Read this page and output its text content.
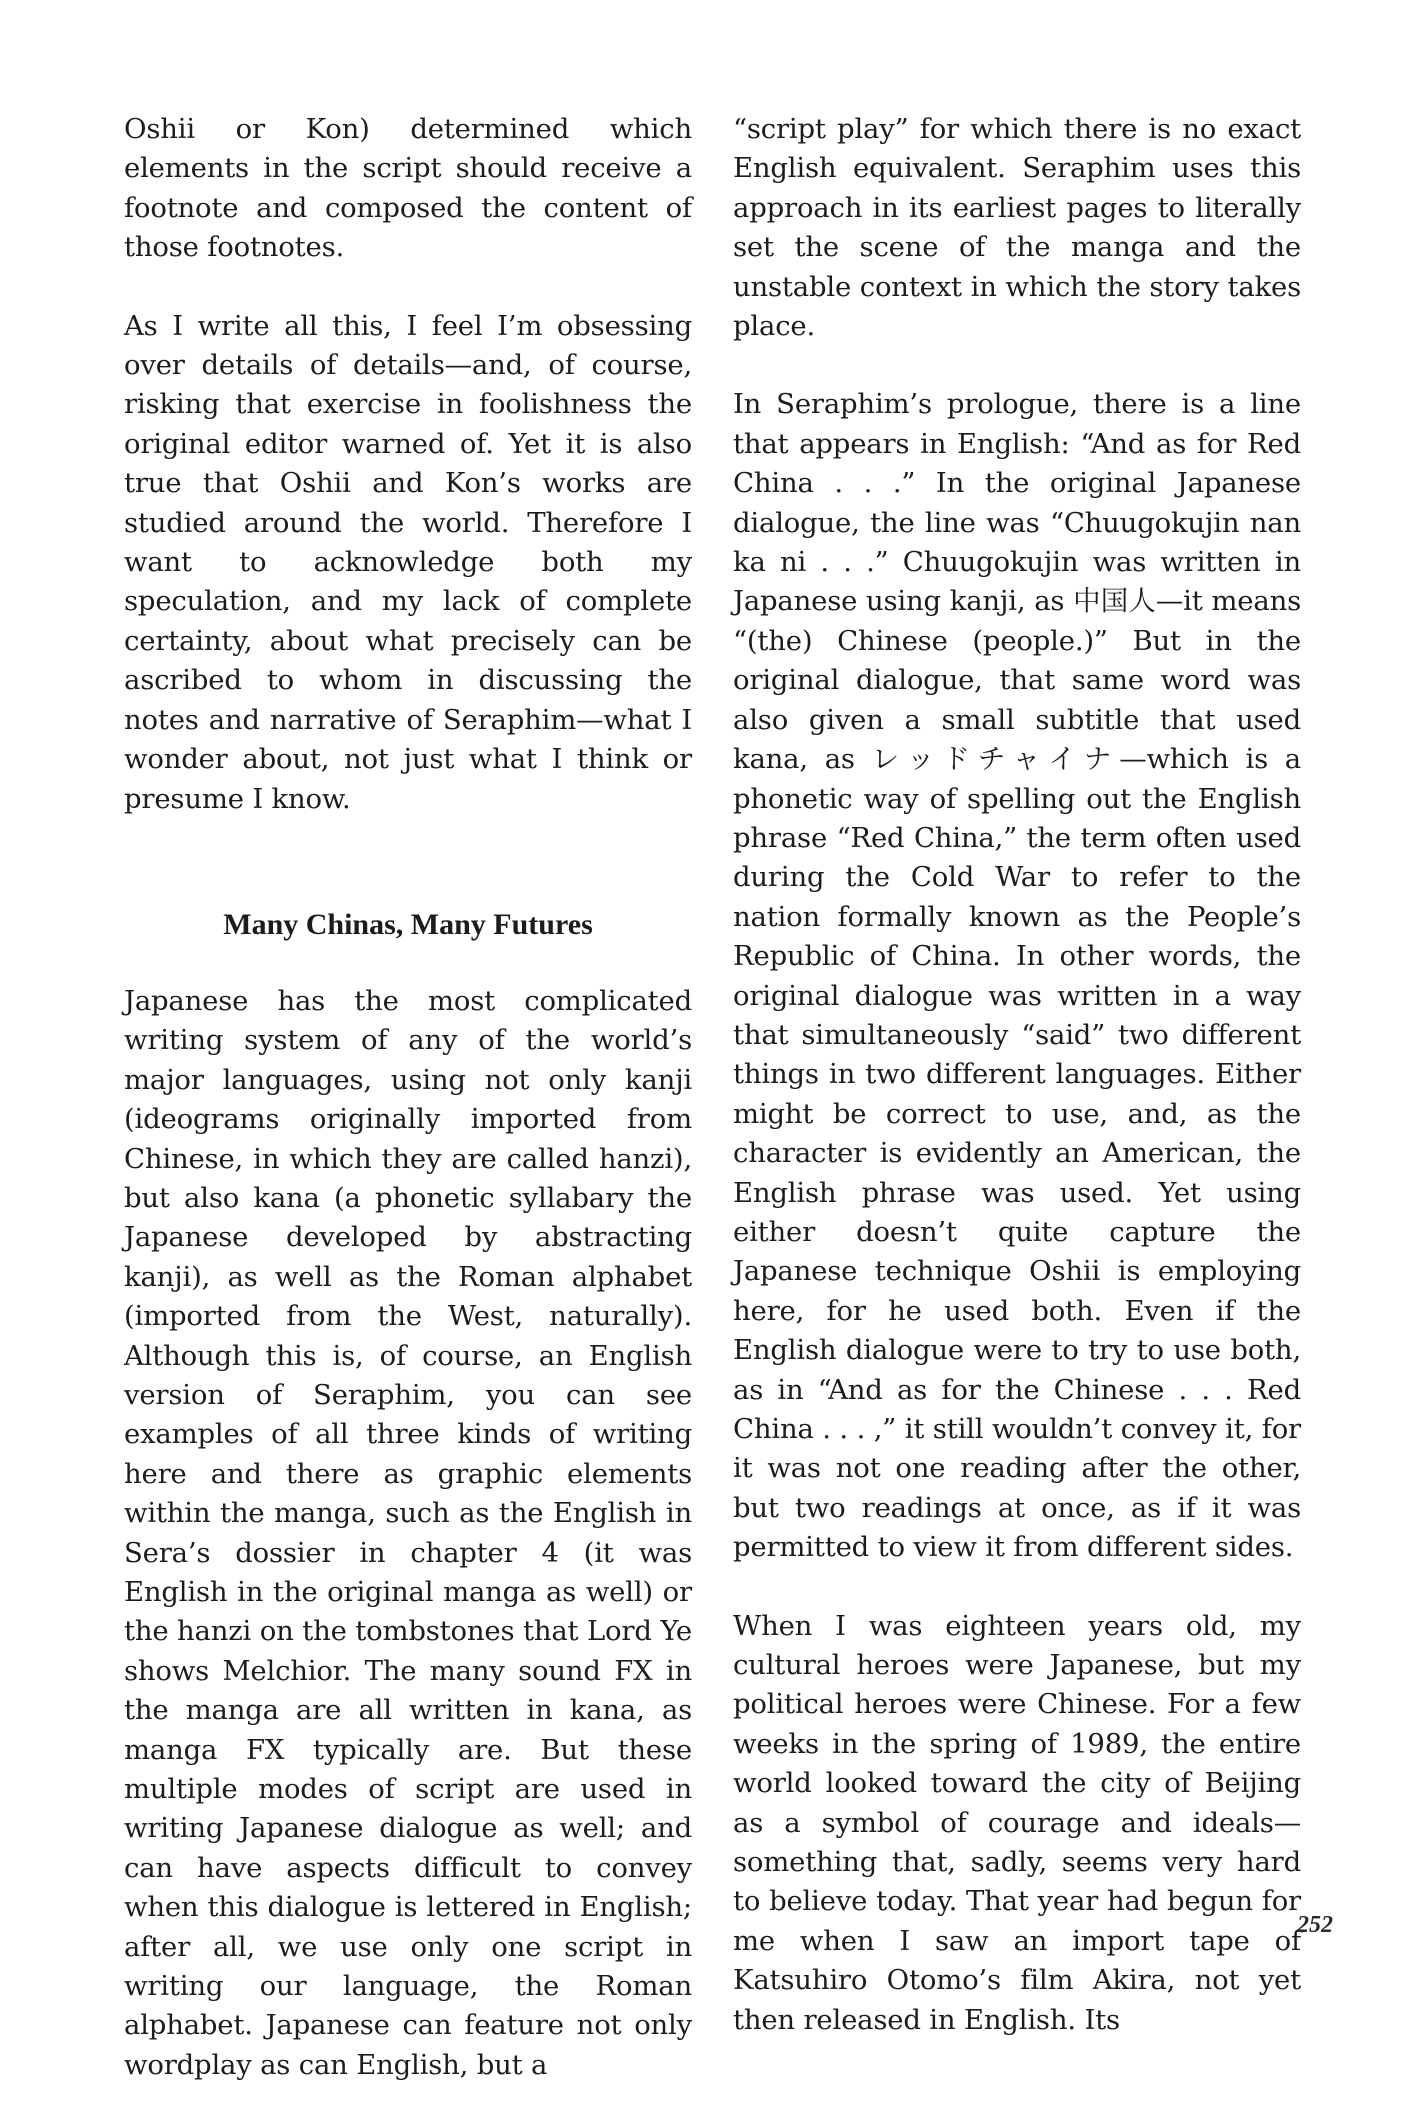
Oshii or Kon) determined which elements in the script should receive a footnote and composed the content of those footnotes.

As I write all this, I feel I’m obsessing over details of details—and, of course, risking that exercise in foolishness the original editor warned of. Yet it is also true that Oshii and Kon’s works are studied around the world. Therefore I want to acknowledge both my speculation, and my lack of complete certainty, about what precisely can be ascribed to whom in discussing the notes and narrative of Seraphim—what I wonder about, not just what I think or presume I know.

Many Chinas, Many Futures

Japanese has the most complicated writing system of any of the world’s major languages, using not only kanji (ideograms originally imported from Chinese, in which they are called hanzi), but also kana (a phonetic syllabary the Japanese developed by abstracting kanji), as well as the Roman alphabet (imported from the West, naturally). Although this is, of course, an English version of Seraphim, you can see examples of all three kinds of writing here and there as graphic elements within the manga, such as the English in Sera’s dossier in chapter 4 (it was English in the original manga as well) or the hanzi on the tombstones that Lord Ye shows Melchior. The many sound FX in the manga are all written in kana, as manga FX typically are. But these multiple modes of script are used in writing Japanese dialogue as well; and can have aspects difficult to convey when this dialogue is lettered in English; after all, we use only one script in writing our language, the Roman alphabet. Japanese can feature not only wordplay as can English, but a

“script play” for which there is no exact English equivalent. Seraphim uses this approach in its earliest pages to literally set the scene of the manga and the unstable context in which the story takes place.

In Seraphim’s prologue, there is a line that appears in English: “And as for Red China . . .” In the original Japanese dialogue, the line was “Chuugokujin nan ka ni . . .” Chuugokujin was written in Japanese using kanji, as 中国人—it means “(the) Chinese (people.)” But in the original dialogue, that same word was also given a small subtitle that used kana, as レッドチャイナ—which is a phonetic way of spelling out the English phrase “Red China,” the term often used during the Cold War to refer to the nation formally known as the People’s Republic of China. In other words, the original dialogue was written in a way that simultaneously “said” two different things in two different languages. Either might be correct to use, and, as the character is evidently an American, the English phrase was used. Yet using either doesn’t quite capture the Japanese technique Oshii is employing here, for he used both. Even if the English dialogue were to try to use both, as in “And as for the Chinese . . . Red China . . . ,” it still wouldn’t convey it, for it was not one reading after the other, but two readings at once, as if it was permitted to view it from different sides.

When I was eighteen years old, my cultural heroes were Japanese, but my political heroes were Chinese. For a few weeks in the spring of 1989, the entire world looked toward the city of Beijing as a symbol of courage and ideals—something that, sadly, seems very hard to believe today. That year had begun for me when I saw an import tape of Katsuhiro Otomo’s film Akira, not yet then released in English. Its

252
